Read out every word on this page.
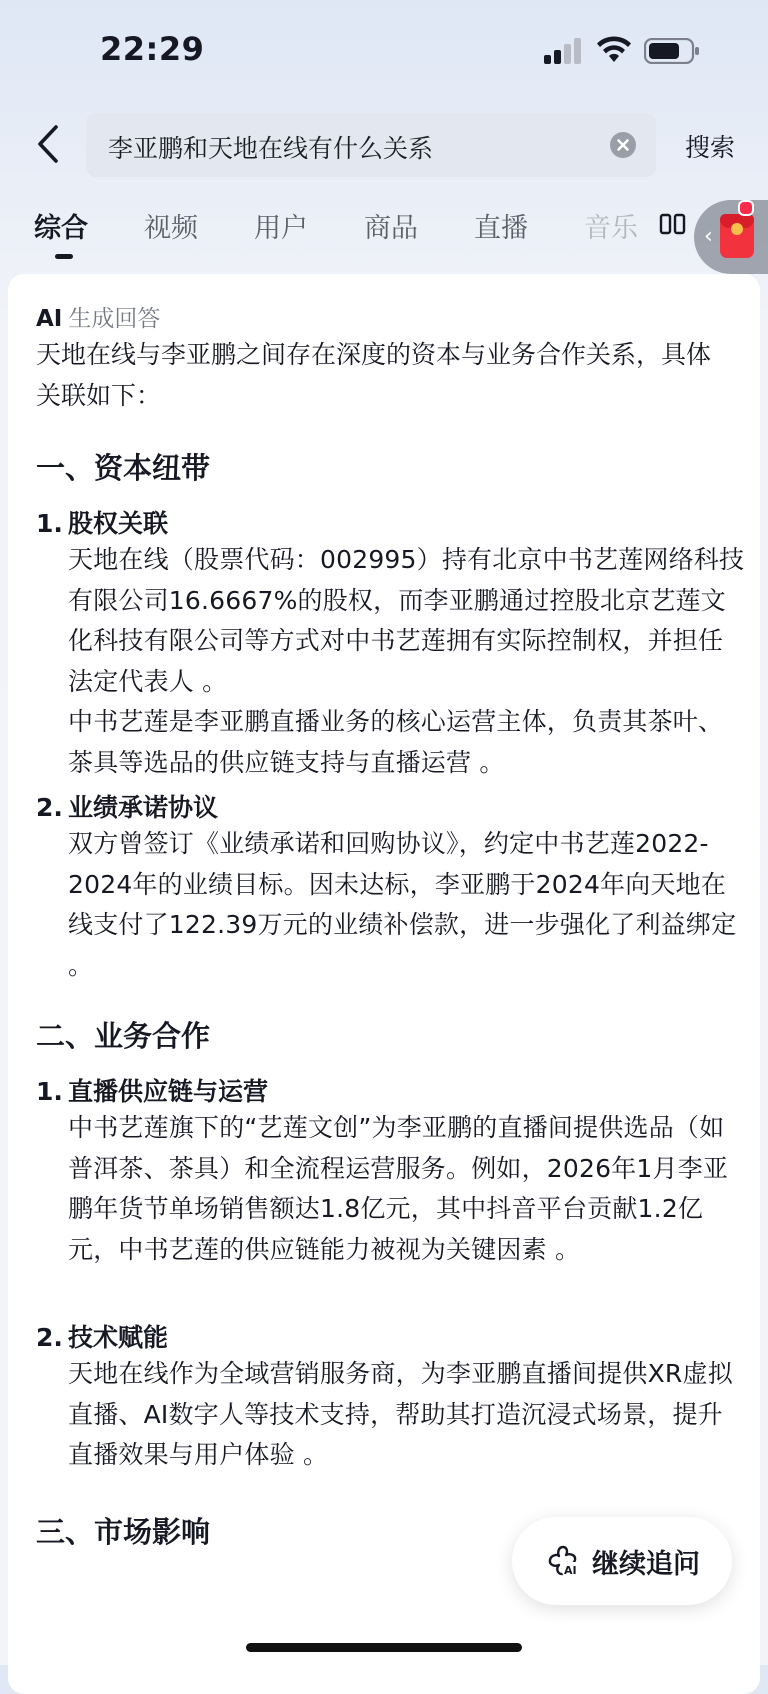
22:29
李亚鹏和天地在线有什么关系	搜索
综合 视频 用户 商品 直播 音乐	‹
AI 生成回答
天地在线与李亚鹏之间存在深度的资本与业务合作关系，具体关联如下：
一、资本纽带
1. 股权关联
天地在线（股票代码：002995）持有北京中书艺莲网络科技有限公司16.6667%的股权，而李亚鹏通过控股北京艺莲文化科技有限公司等方式对中书艺莲拥有实际控制权，并担任法定代表人 。
中书艺莲是李亚鹏直播业务的核心运营主体，负责其茶叶、茶具等选品的供应链支持与直播运营 。
2. 业绩承诺协议
双方曾签订《业绩承诺和回购协议》，约定中书艺莲2022-2024年的业绩目标。因未达标，李亚鹏于2024年向天地在线支付了122.39万元的业绩补偿款，进一步强化了利益绑定 。
二、业务合作
1. 直播供应链与运营
中书艺莲旗下的“艺莲文创”为李亚鹏的直播间提供选品（如普洱茶、茶具）和全流程运营服务。例如，2026年1月李亚鹏年货节单场销售额达1.8亿元，其中抖音平台贡献1.2亿元，中书艺莲的供应链能力被视为关键因素 。
2. 技术赋能
天地在线作为全域营销服务商，为李亚鹏直播间提供XR虚拟直播、AI数字人等技术支持，帮助其打造沉浸式场景，提升直播效果与用户体验 。
三、市场影响
AI 继续追问
